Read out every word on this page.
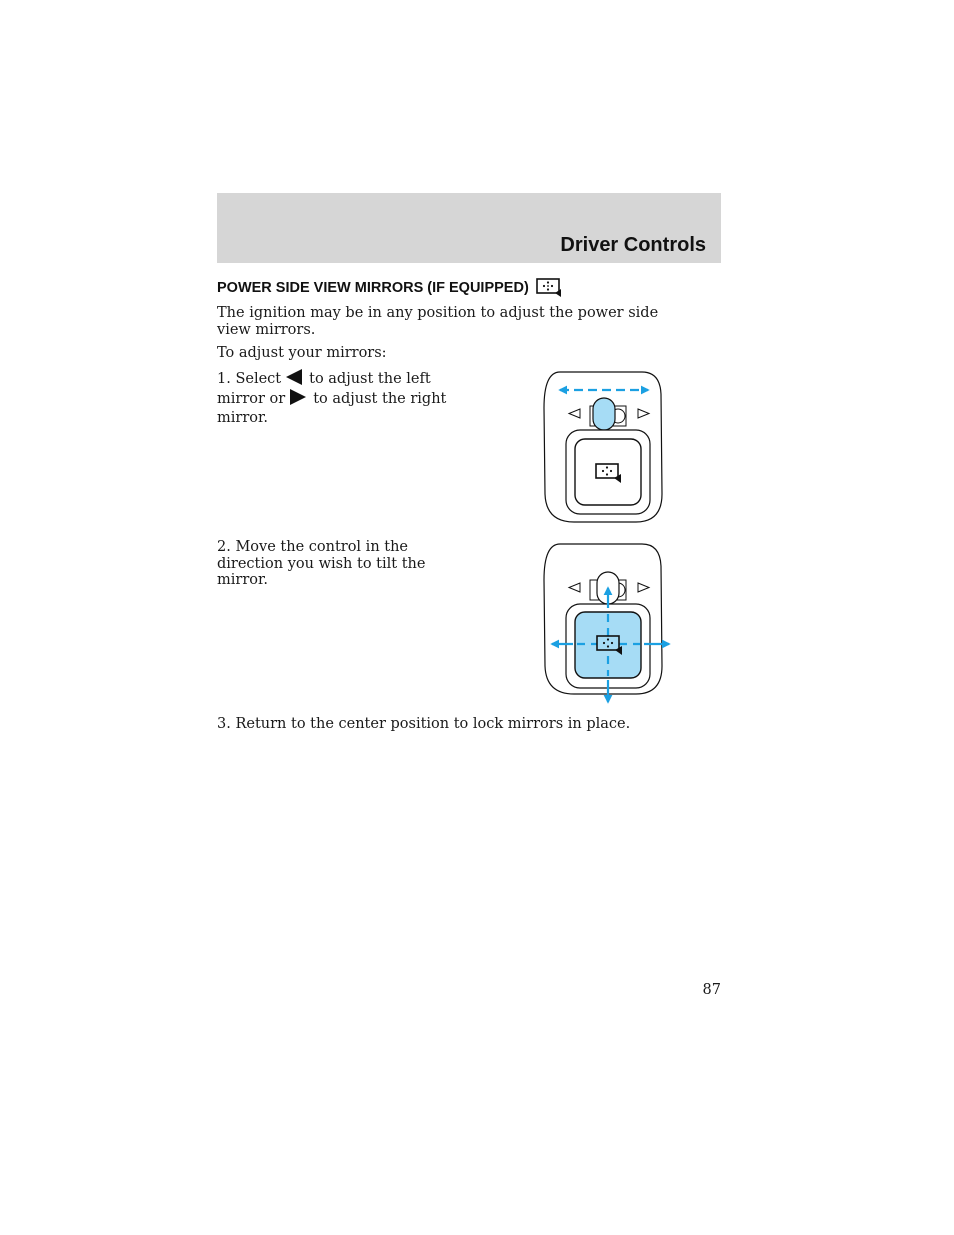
Driver Controls
POWER SIDE VIEW MIRRORS (IF EQUIPPED)

The ignition may be in any position to adjust the power side view mirrors.

To adjust your mirrors:

1. Select to adjust the left mirror or to adjust the right mirror.

2. Move the control in the direction you wish to tilt the mirror.

3. Return to the center position to lock mirrors in place.

87
